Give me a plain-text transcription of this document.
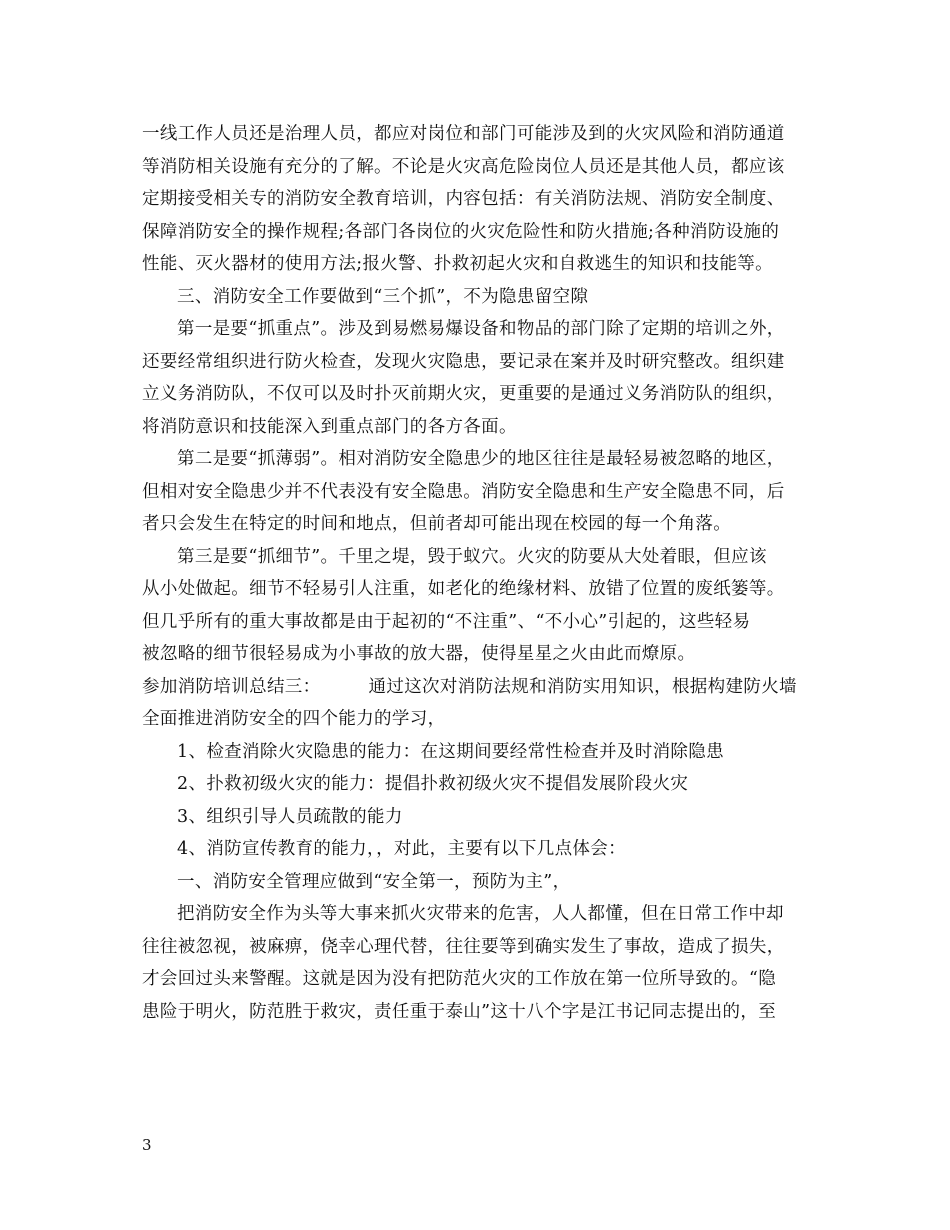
一线工作人员还是治理人员，都应对岗位和部门可能涉及到的火灾风险和消防通道
等消防相关设施有充分的了解。不论是火灾高危险岗位人员还是其他人员，都应该
定期接受相关专的消防安全教育培训，内容包括：有关消防法规、消防安全制度、
保障消防安全的操作规程;各部门各岗位的火灾危险性和防火措施;各种消防设施的
性能、灭火器材的使用方法;报火警、扑救初起火灾和自救逃生的知识和技能等。
三、消防安全工作要做到“三个抓”，不为隐患留空隙
第一是要“抓重点”。涉及到易燃易爆设备和物品的部门除了定期的培训之外，
还要经常组织进行防火检查，发现火灾隐患，要记录在案并及时研究整改。组织建
立义务消防队，不仅可以及时扑灭前期火灾，更重要的是通过义务消防队的组织，
将消防意识和技能深入到重点部门的各方各面。
第二是要“抓薄弱”。相对消防安全隐患少的地区往往是最轻易被忽略的地区，
但相对安全隐患少并不代表没有安全隐患。消防安全隐患和生产安全隐患不同，后
者只会发生在特定的时间和地点，但前者却可能出现在校园的每一个角落。
第三是要“抓细节”。千里之堤，毁于蚁穴。火灾的防要从大处着眼，但应该
从小处做起。细节不轻易引人注重，如老化的绝缘材料、放错了位置的废纸篓等。
但几乎所有的重大事故都是由于起初的“不注重”、“不小心”引起的，这些轻易
被忽略的细节很轻易成为小事故的放大器，使得星星之火由此而燎原。
参加消防培训总结三：	通过这次对消防法规和消防实用知识，根据构建防火墙
全面推进消防安全的四个能力的学习，
1、检查消除火灾隐患的能力：在这期间要经常性检查并及时消除隐患
2、扑救初级火灾的能力：提倡扑救初级火灾不提倡发展阶段火灾
3、组织引导人员疏散的能力
4、消防宣传教育的能力，，对此，主要有以下几点体会：
一、消防安全管理应做到“安全第一，预防为主”，
把消防安全作为头等大事来抓火灾带来的危害，人人都懂，但在日常工作中却
往往被忽视，被麻痹，侥幸心理代替，往往要等到确实发生了事故，造成了损失，
才会回过头来警醒。这就是因为没有把防范火灾的工作放在第一位所导致的。“隐
患险于明火，防范胜于救灾，责任重于泰山”这十八个字是江书记同志提出的，至
3
